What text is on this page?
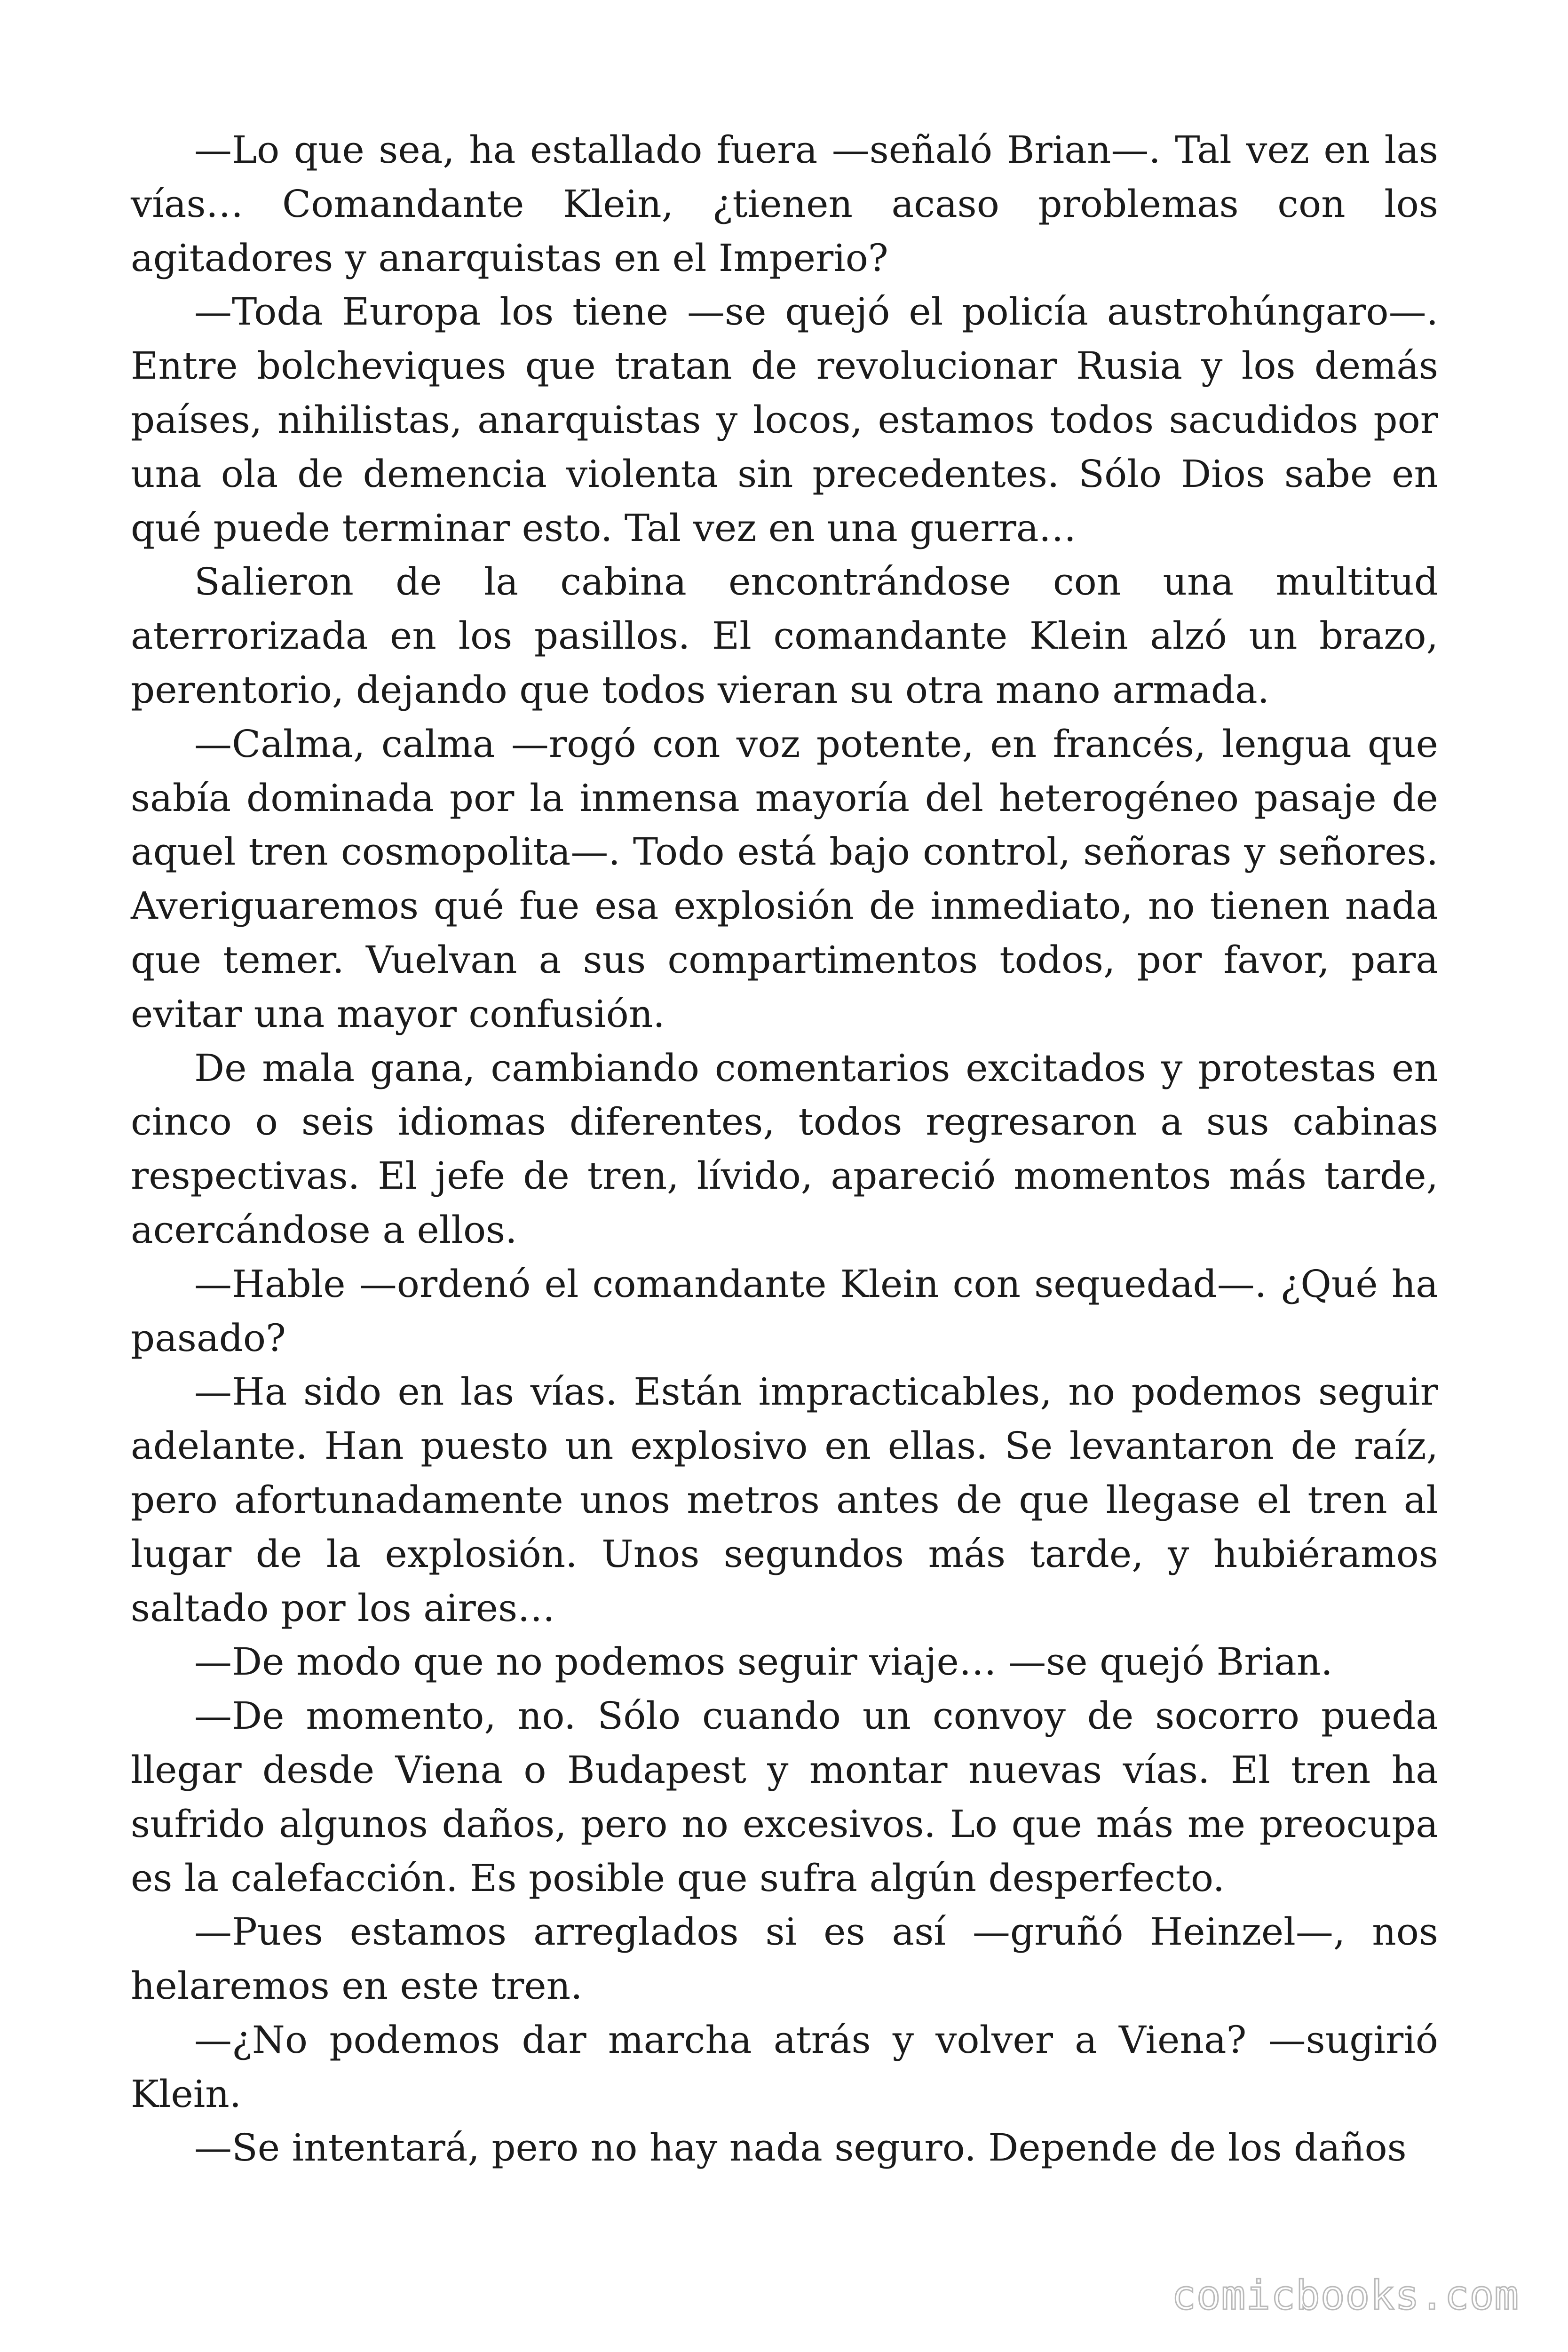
—Lo que sea, ha estallado fuera —señaló Brian—. Tal vez en las vías… Comandante Klein, ¿tienen acaso problemas con los agitadores y anarquistas en el Imperio?

—Toda Europa los tiene —se quejó el policía austrohúngaro—. Entre bolcheviques que tratan de revolucionar Rusia y los demás países, nihilistas, anarquistas y locos, estamos todos sacudidos por una ola de demencia violenta sin precedentes. Sólo Dios sabe en qué puede terminar esto. Tal vez en una guerra…

Salieron de la cabina encontrándose con una multitud aterrorizada en los pasillos. El comandante Klein alzó un brazo, perentorio, dejando que todos vieran su otra mano armada.

—Calma, calma —rogó con voz potente, en francés, lengua que sabía dominada por la inmensa mayoría del heterogéneo pasaje de aquel tren cosmopolita—. Todo está bajo control, señoras y señores. Averiguaremos qué fue esa explosión de inmediato, no tienen nada que temer. Vuelvan a sus compartimentos todos, por favor, para evitar una mayor confusión.

De mala gana, cambiando comentarios excitados y protestas en cinco o seis idiomas diferentes, todos regresaron a sus cabinas respectivas. El jefe de tren, lívido, apareció momentos más tarde, acercándose a ellos.

—Hable —ordenó el comandante Klein con sequedad—. ¿Qué ha pasado?

—Ha sido en las vías. Están impracticables, no podemos seguir adelante. Han puesto un explosivo en ellas. Se levantaron de raíz, pero afortunadamente unos metros antes de que llegase el tren al lugar de la explosión. Unos segundos más tarde, y hubiéramos saltado por los aires…

—De modo que no podemos seguir viaje… —se quejó Brian.

—De momento, no. Sólo cuando un convoy de socorro pueda llegar desde Viena o Budapest y montar nuevas vías. El tren ha sufrido algunos daños, pero no excesivos. Lo que más me preocupa es la calefacción. Es posible que sufra algún desperfecto.

—Pues estamos arreglados si es así —gruñó Heinzel—, nos helaremos en este tren.

—¿No podemos dar marcha atrás y volver a Viena? —sugirió Klein.

—Se intentará, pero no hay nada seguro. Depende de los daños

comicbooks.com
